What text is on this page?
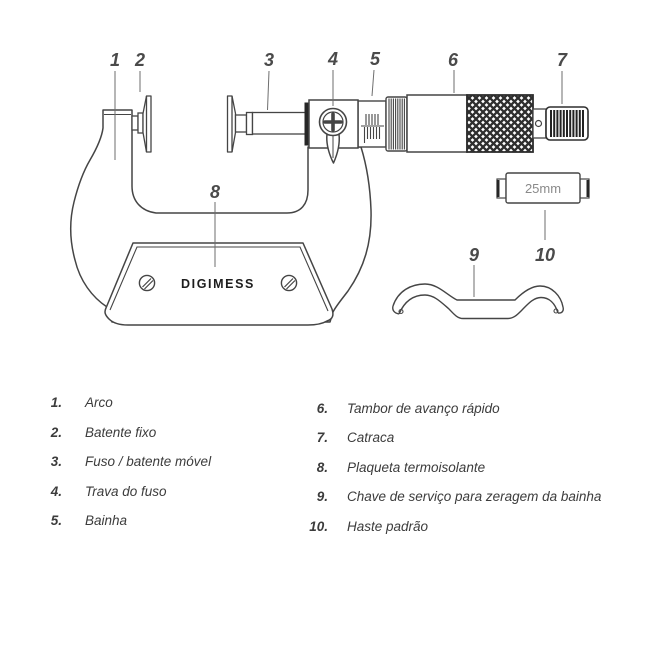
DIGIMESS
25mm
1 2	3	4 5	6	7
8
9	10
1. Arco
2. Batente fixo
3. Fuso / batente móvel
4. Trava do fuso
5. Bainha
6. Tambor de avanço rápido
7. Catraca
8. Plaqueta termoisolante
9. Chave de serviço para zeragem da bainha
10. Haste padrão
